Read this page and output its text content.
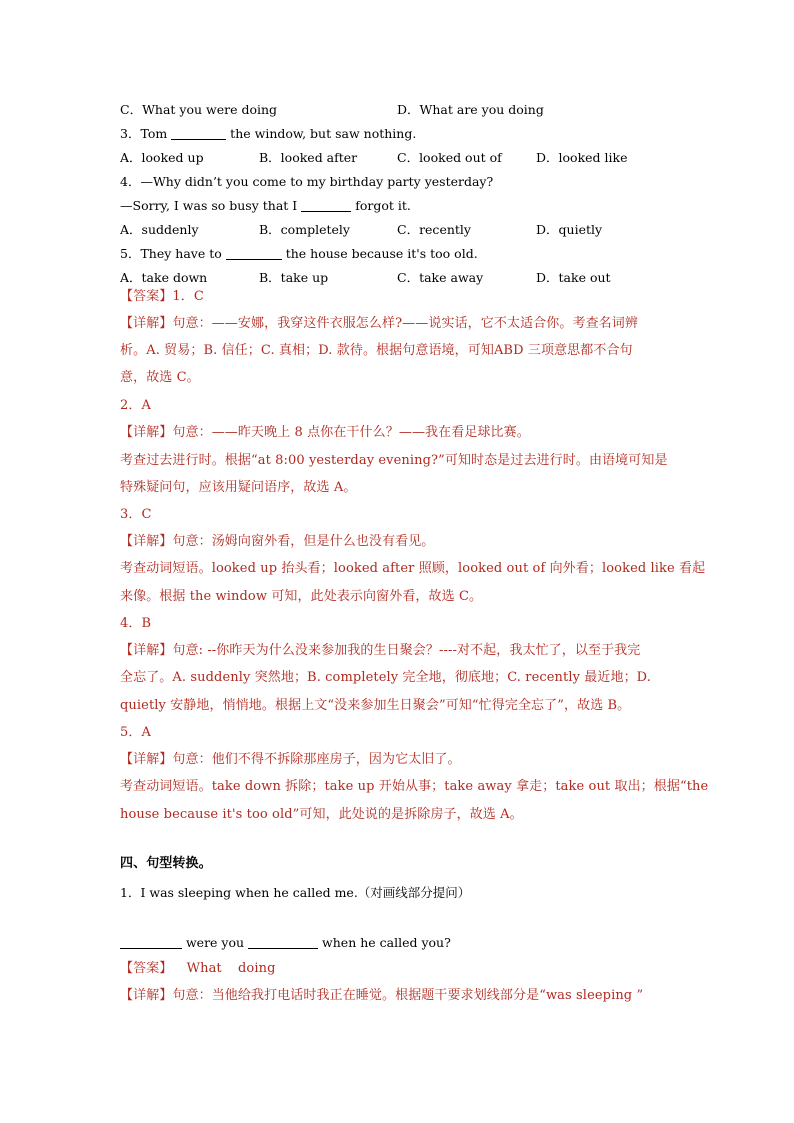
C．What you were doing	D．What are you doing
3．Tom	the window, but saw nothing.
A．looked up	B．looked after	C．looked out of	D．looked like
4．—Why didn’t you come to my birthday party yesterday?
—Sorry, I was so busy that I	forgot it.
A．suddenly	B．completely	C．recently	D．quietly
5．They have to	the house because it's too old.
A．take down	B．take up	C．take away	D．take out
【答案】1．C
【详解】句意：——安娜，我穿这件衣服怎么样?——说实话，它不太适合你。考查名词辨
析。A. 贸易；B. 信任；C. 真相；D. 款待。根据句意语境，可知ABD 三项意思都不合句
意，故选 C。
2．A
【详解】句意：——昨天晚上 8 点你在干什么？——我在看足球比赛。
考查过去进行时。根据“at 8:00 yesterday evening?”可知时态是过去进行时。由语境可知是
特殊疑问句，应该用疑问语序，故选 A。
3．C
【详解】句意：汤姆向窗外看，但是什么也没有看见。
考查动词短语。looked up 抬头看；looked after 照顾，looked out of 向外看；looked like 看起
来像。根据 the window 可知，此处表示向窗外看，故选 C。
4．B
【详解】句意: --你昨天为什么没来参加我的生日聚会？----对不起，我太忙了，以至于我完
全忘了。A. suddenly 突然地；B. completely 完全地，彻底地；C. recently 最近地；D.
quietly 安静地，悄悄地。根据上文“没来参加生日聚会”可知“忙得完全忘了”，故选 B。
5．A
【详解】句意：他们不得不拆除那座房子，因为它太旧了。
考查动词短语。take down 拆除；take up 开始从事；take away 拿走；take out 取出；根据“the
house because it's too old”可知，此处说的是拆除房子，故选 A。
四、句型转换。
1．I was sleeping when he called me.（对画线部分提问）
were you	when he called you?
【答案】 What doing
【详解】句意：当他给我打电话时我正在睡觉。根据题干要求划线部分是“was sleeping ”
